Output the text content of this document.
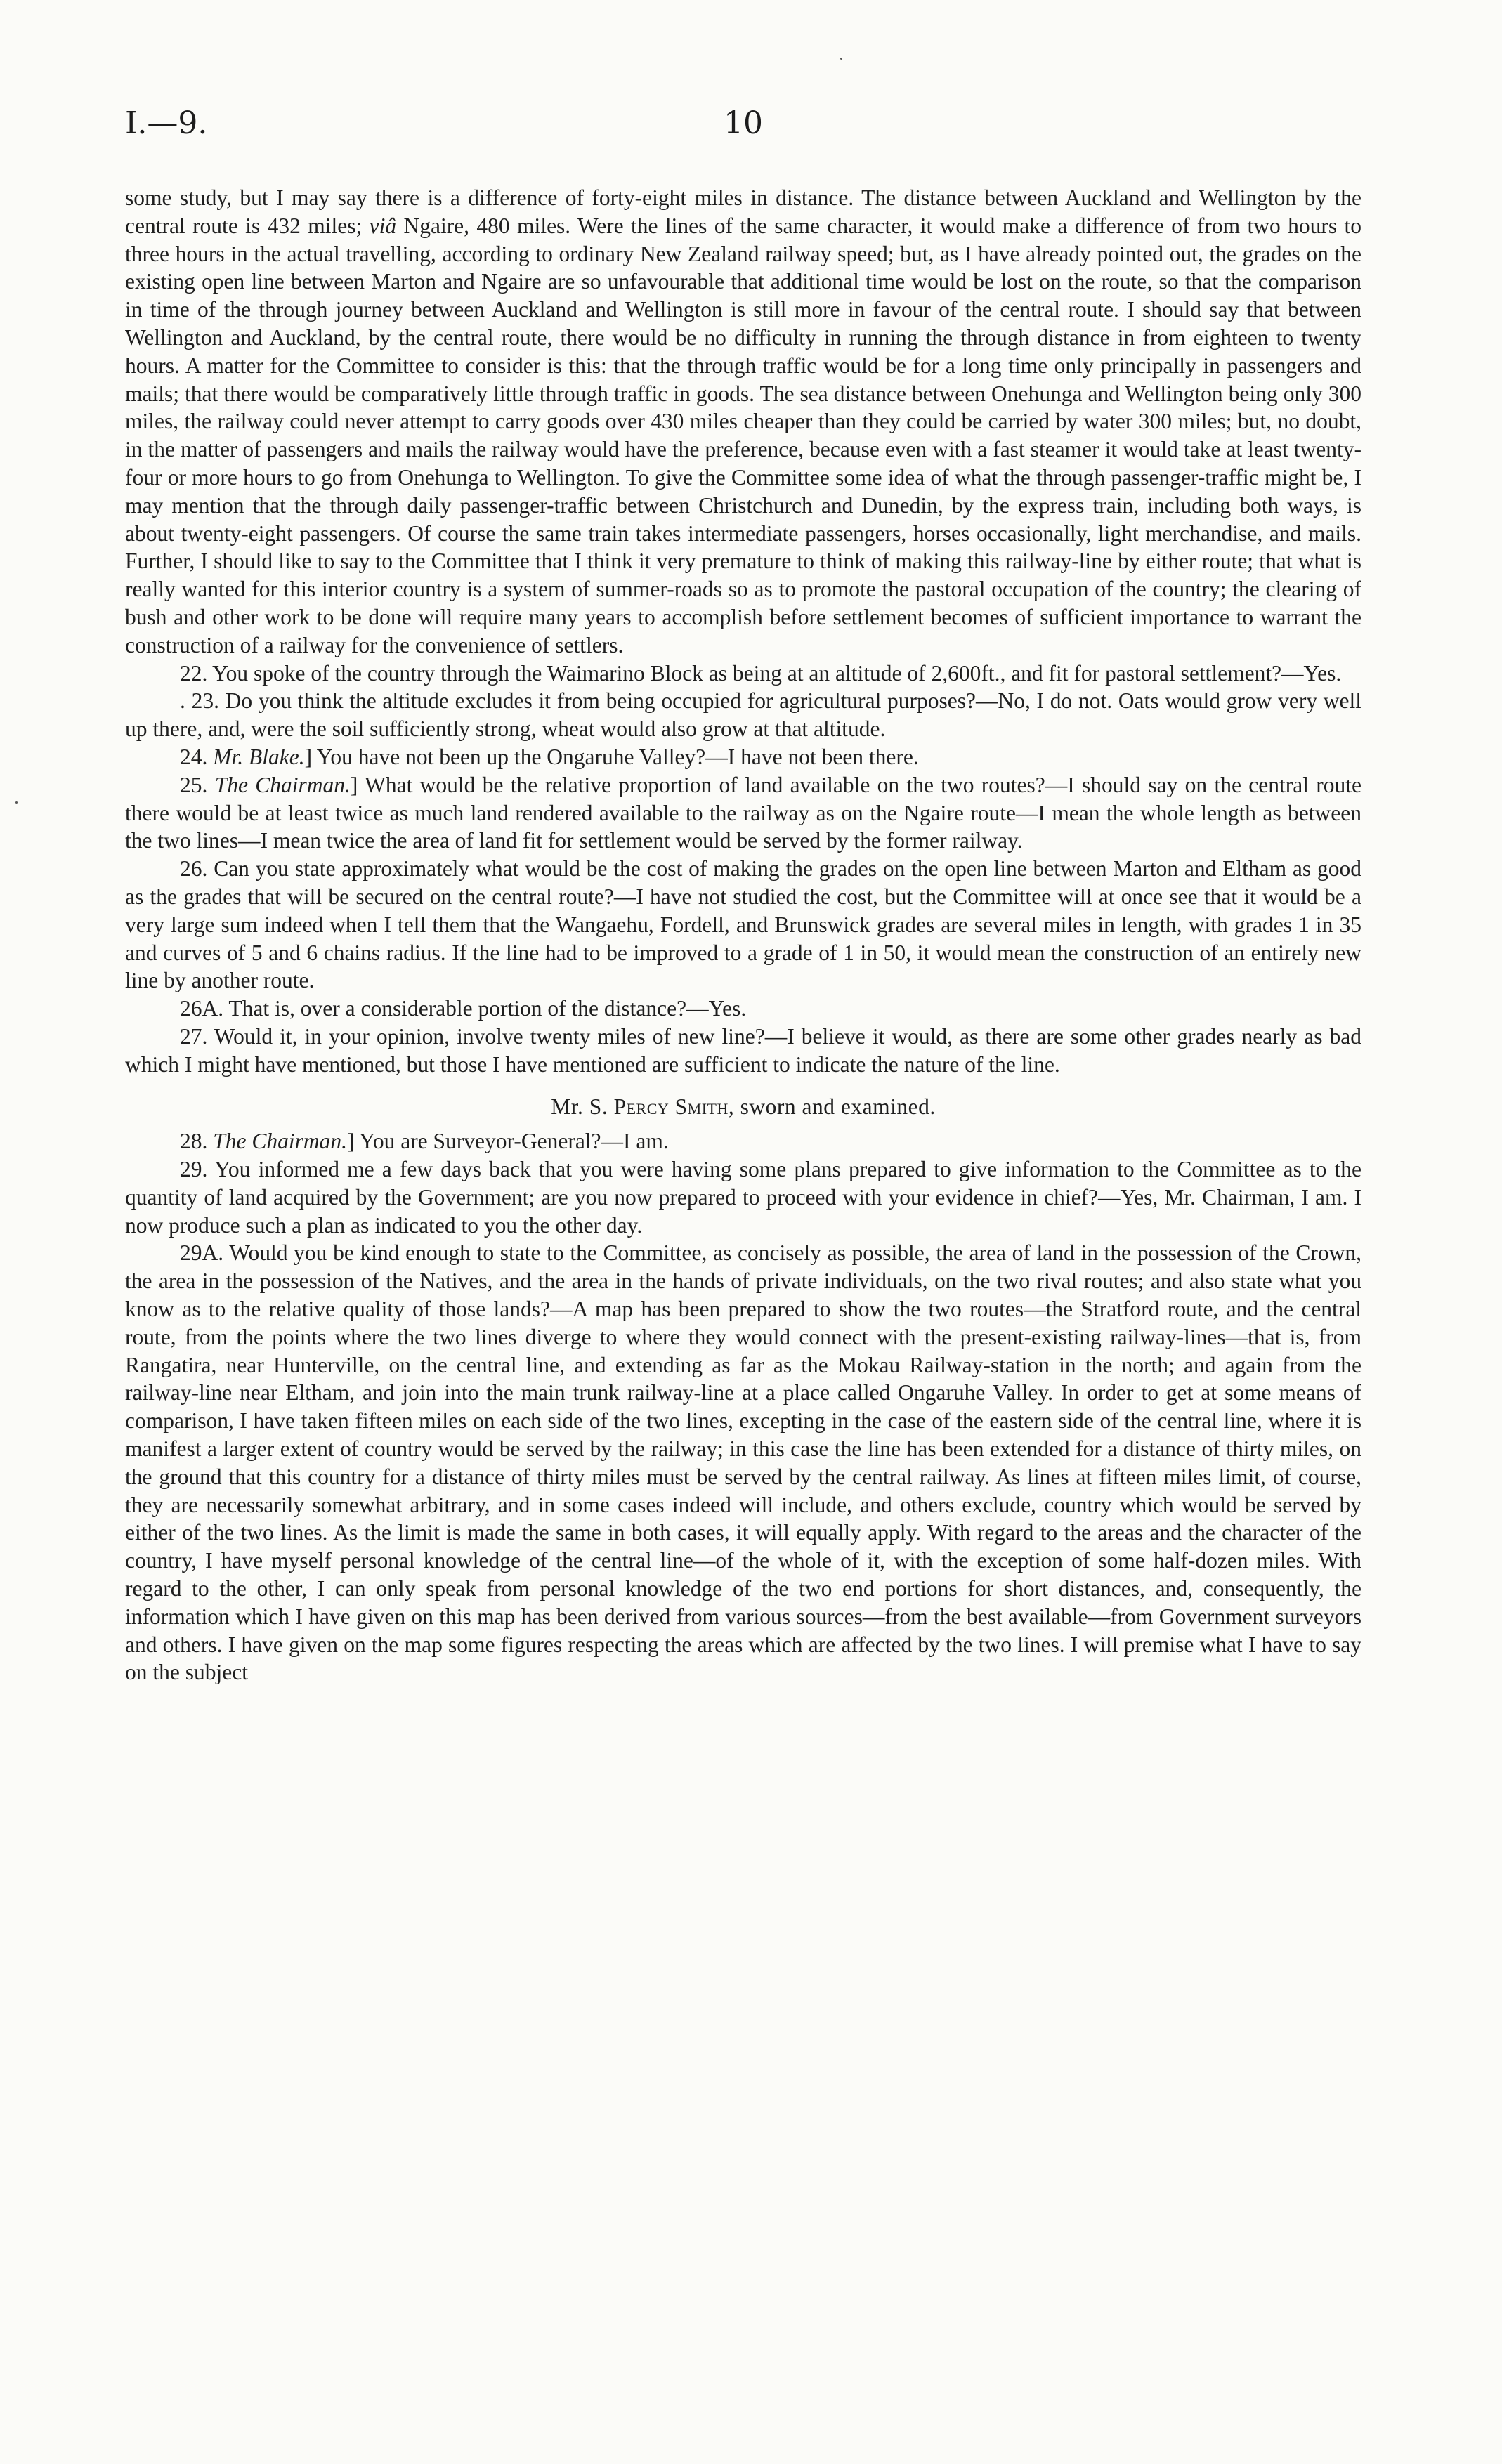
I.—9.	10

some study, but I may say there is a difference of forty-eight miles in distance. The distance between Auckland and Wellington by the central route is 432 miles; viâ Ngaire, 480 miles. Were the lines of the same character, it would make a difference of from two hours to three hours in the actual travelling, according to ordinary New Zealand railway speed; but, as I have already pointed out, the grades on the existing open line between Marton and Ngaire are so unfavourable that additional time would be lost on the route, so that the comparison in time of the through journey between Auckland and Wellington is still more in favour of the central route. I should say that between Wellington and Auckland, by the central route, there would be no difficulty in running the through distance in from eighteen to twenty hours. A matter for the Committee to consider is this: that the through traffic would be for a long time only principally in passengers and mails; that there would be comparatively little through traffic in goods. The sea distance between Onehunga and Wellington being only 300 miles, the railway could never attempt to carry goods over 430 miles cheaper than they could be carried by water 300 miles; but, no doubt, in the matter of passengers and mails the railway would have the preference, because even with a fast steamer it would take at least twenty-four or more hours to go from Onehunga to Wellington. To give the Committee some idea of what the through passenger-traffic might be, I may mention that the through daily passenger-traffic between Christchurch and Dunedin, by the express train, including both ways, is about twenty-eight passengers. Of course the same train takes intermediate passengers, horses occasionally, light merchandise, and mails. Further, I should like to say to the Committee that I think it very premature to think of making this railway-line by either route; that what is really wanted for this interior country is a system of summer-roads so as to promote the pastoral occupation of the country; the clearing of bush and other work to be done will require many years to accomplish before settlement becomes of sufficient importance to warrant the construction of a railway for the convenience of settlers.

22. You spoke of the country through the Waimarino Block as being at an altitude of 2,600ft., and fit for pastoral settlement?—Yes.

. 23. Do you think the altitude excludes it from being occupied for agricultural purposes?—No, I do not. Oats would grow very well up there, and, were the soil sufficiently strong, wheat would also grow at that altitude.

24. Mr. Blake.] You have not been up the Ongaruhe Valley?—I have not been there.

25. The Chairman.] What would be the relative proportion of land available on the two routes?—I should say on the central route there would be at least twice as much land rendered available to the railway as on the Ngaire route—I mean the whole length as between the two lines—I mean twice the area of land fit for settlement would be served by the former railway.

26. Can you state approximately what would be the cost of making the grades on the open line between Marton and Eltham as good as the grades that will be secured on the central route?—I have not studied the cost, but the Committee will at once see that it would be a very large sum indeed when I tell them that the Wangaehu, Fordell, and Brunswick grades are several miles in length, with grades 1 in 35 and curves of 5 and 6 chains radius. If the line had to be improved to a grade of 1 in 50, it would mean the construction of an entirely new line by another route.

26A. That is, over a considerable portion of the distance?—Yes.

27. Would it, in your opinion, involve twenty miles of new line?—I believe it would, as there are some other grades nearly as bad which I might have mentioned, but those I have mentioned are sufficient to indicate the nature of the line.

Mr. S. Percy Smith, sworn and examined.

28. The Chairman.] You are Surveyor-General?—I am.

29. You informed me a few days back that you were having some plans prepared to give information to the Committee as to the quantity of land acquired by the Government; are you now prepared to proceed with your evidence in chief?—Yes, Mr. Chairman, I am. I now produce such a plan as indicated to you the other day.

29A. Would you be kind enough to state to the Committee, as concisely as possible, the area of land in the possession of the Crown, the area in the possession of the Natives, and the area in the hands of private individuals, on the two rival routes; and also state what you know as to the relative quality of those lands?—A map has been prepared to show the two routes—the Stratford route, and the central route, from the points where the two lines diverge to where they would connect with the present-existing railway-lines—that is, from Rangatira, near Hunterville, on the central line, and extending as far as the Mokau Railway-station in the north; and again from the railway-line near Eltham, and join into the main trunk railway-line at a place called Ongaruhe Valley. In order to get at some means of comparison, I have taken fifteen miles on each side of the two lines, excepting in the case of the eastern side of the central line, where it is manifest a larger extent of country would be served by the railway; in this case the line has been extended for a distance of thirty miles, on the ground that this country for a distance of thirty miles must be served by the central railway. As lines at fifteen miles limit, of course, they are necessarily somewhat arbitrary, and in some cases indeed will include, and others exclude, country which would be served by either of the two lines. As the limit is made the same in both cases, it will equally apply. With regard to the areas and the character of the country, I have myself personal knowledge of the central line—of the whole of it, with the exception of some half-dozen miles. With regard to the other, I can only speak from personal knowledge of the two end portions for short distances, and, consequently, the information which I have given on this map has been derived from various sources—from the best available—from Government surveyors and others. I have given on the map some figures respecting the areas which are affected by the two lines. I will premise what I have to say on the subject
